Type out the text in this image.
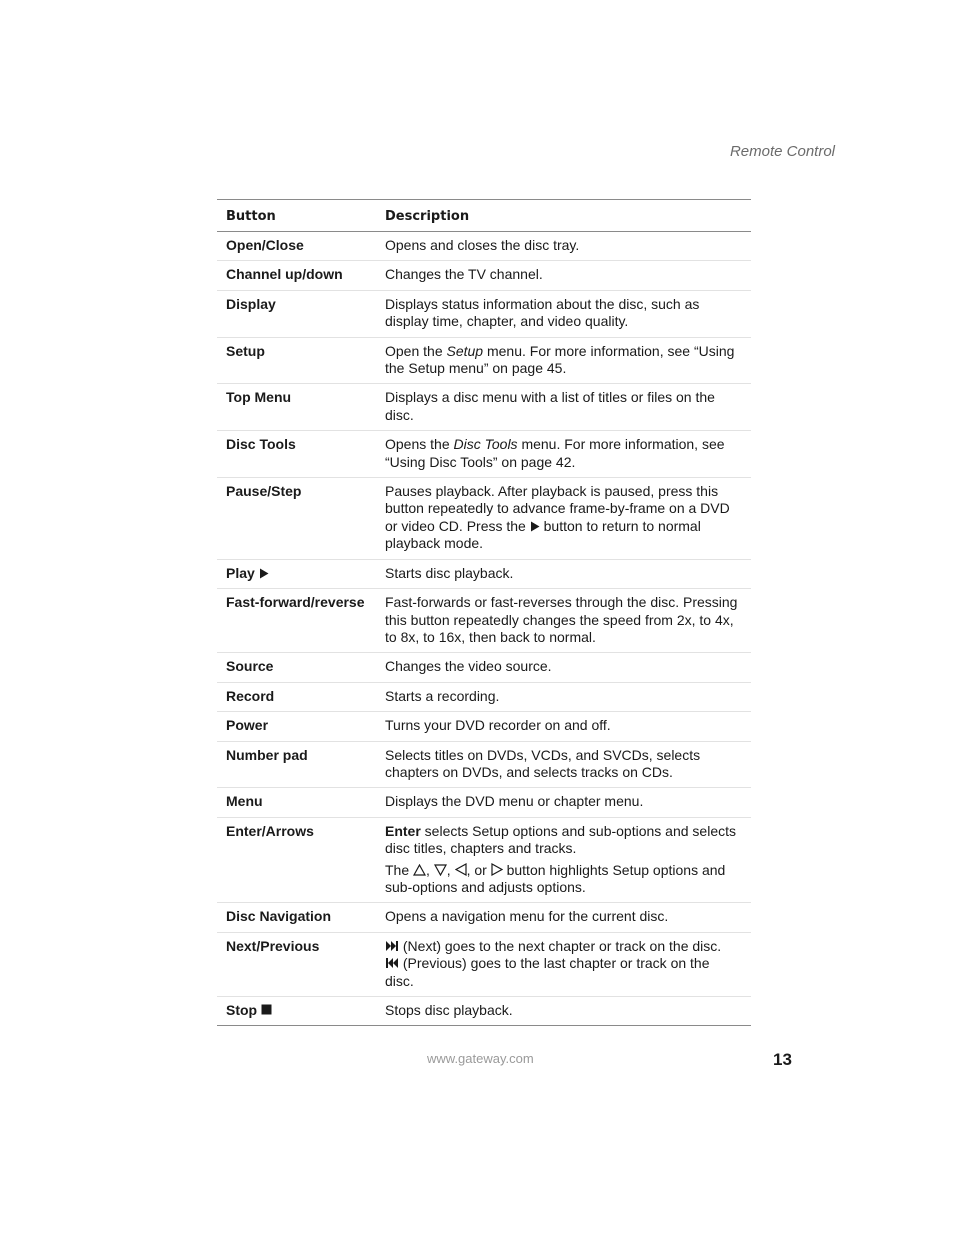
Remote Control
Button	Description
Open/Close	Opens and closes the disc tray.
Channel up/down	Changes the TV channel.
Display	Displays status information about the disc, such as display time, chapter, and video quality.
Setup	Open the Setup menu. For more information, see “Using the Setup menu” on page 45.
Top Menu	Displays a disc menu with a list of titles or files on the disc.
Disc Tools	Opens the Disc Tools menu. For more information, see “Using Disc Tools” on page 42.
Pause/Step	Pauses playback. After playback is paused, press this button repeatedly to advance frame-by-frame on a DVD or video CD. Press the  button to return to normal playback mode.
Play	Starts disc playback.
Fast-forward/reverse	Fast-forwards or fast-reverses through the disc. Pressing this button repeatedly changes the speed from 2x, to 4x, to 8x, to 16x, then back to normal.
Source	Changes the video source.
Record	Starts a recording.
Power	Turns your DVD recorder on and off.
Number pad	Selects titles on DVDs, VCDs, and SVCDs, selects chapters on DVDs, and selects tracks on CDs.
Menu	Displays the DVD menu or chapter menu.
Enter/Arrows	Enter selects Setup options and sub-options and selects disc titles, chapters and tracks.

The , , , or  button highlights Setup options and sub-options and adjusts options.

Disc Navigation	Opens a navigation menu for the current disc.
Next/Previous	(Next) goes to the next chapter or track on the disc.
(Previous) goes to the last chapter or track on the disc.
Stop	Stops disc playback.
www.gateway.com	13
